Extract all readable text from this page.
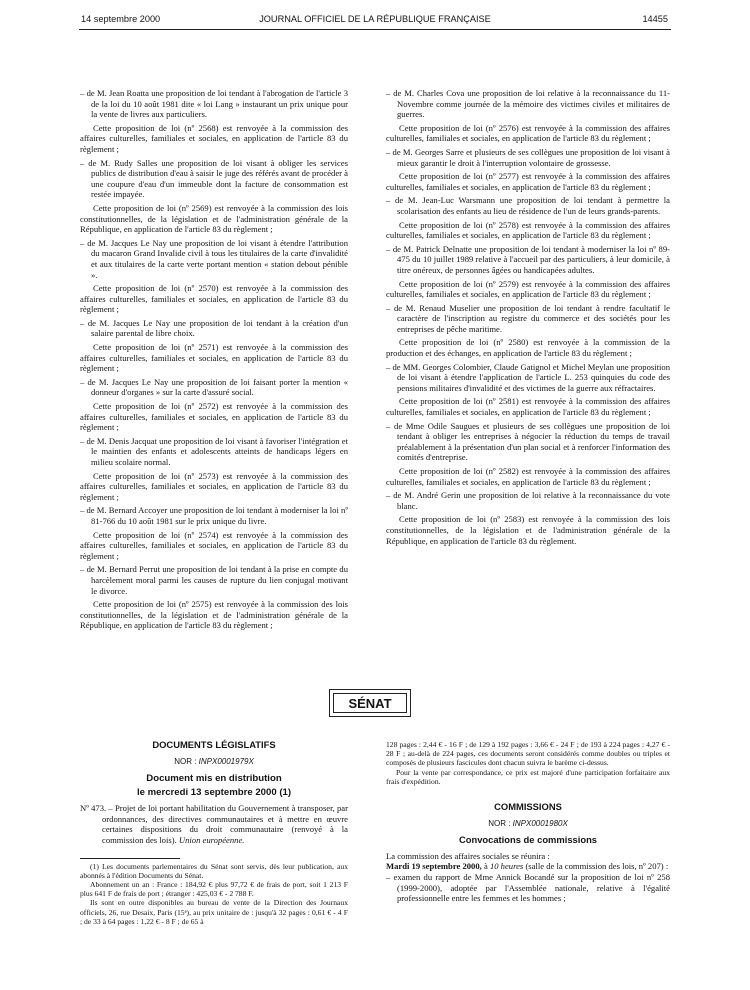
14 septembre 2000	JOURNAL OFFICIEL DE LA RÉPUBLIQUE FRANÇAISE	14455

– de M. Jean Roatta une proposition de loi tendant à l'abrogation de l'article 3 de la loi du 10 août 1981 dite « loi Lang » instaurant un prix unique pour la vente de livres aux particuliers.

Cette proposition de loi (nº 2568) est renvoyée à la commission des affaires culturelles, familiales et sociales, en application de l'article 83 du règlement ;

– de M. Rudy Salles une proposition de loi visant à obliger les services publics de distribution d'eau à saisir le juge des référés avant de procéder à une coupure d'eau d'un immeuble dont la facture de consommation est restée impayée.

Cette proposition de loi (nº 2569) est renvoyée à la commission des lois constitutionnelles, de la législation et de l'administration générale de la République, en application de l'article 83 du règlement ;

– de M. Jacques Le Nay une proposition de loi visant à étendre l'attribution du macaron Grand Invalide civil à tous les titulaires de la carte d'invalidité et aux titulaires de la carte verte portant mention « station debout pénible ».

Cette proposition de loi (nº 2570) est renvoyée à la commission des affaires culturelles, familiales et sociales, en application de l'article 83 du règlement ;

– de M. Jacques Le Nay une proposition de loi tendant à la création d'un salaire parental de libre choix.

Cette proposition de loi (nº 2571) est renvoyée à la commission des affaires culturelles, familiales et sociales, en application de l'article 83 du règlement ;

– de M. Jacques Le Nay une proposition de loi faisant porter la mention « donneur d'organes » sur la carte d'assuré social.

Cette proposition de loi (nº 2572) est renvoyée à la commission des affaires culturelles, familiales et sociales, en application de l'article 83 du règlement ;

– de M. Denis Jacquat une proposition de loi visant à favoriser l'intégration et le maintien des enfants et adolescents atteints de handicaps légers en milieu scolaire normal.

Cette proposition de loi (nº 2573) est renvoyée à la commission des affaires culturelles, familiales et sociales, en application de l'article 83 du règlement ;

– de M. Bernard Accoyer une proposition de loi tendant à moderniser la loi nº 81-766 du 10 août 1981 sur le prix unique du livre.

Cette proposition de loi (nº 2574) est renvoyée à la commission des affaires culturelles, familiales et sociales, en application de l'article 83 du règlement ;

– de M. Bernard Perrut une proposition de loi tendant à la prise en compte du harcèlement moral parmi les causes de rupture du lien conjugal motivant le divorce.

Cette proposition de loi (nº 2575) est renvoyée à la commission des lois constitutionnelles, de la législation et de l'administration générale de la République, en application de l'article 83 du règlement ;

– de M. Charles Cova une proposition de loi relative à la reconnaissance du 11-Novembre comme journée de la mémoire des victimes civiles et militaires de guerres.

Cette proposition de loi (nº 2576) est renvoyée à la commission des affaires culturelles, familiales et sociales, en application de l'article 83 du règlement ;

– de M. Georges Sarre et plusieurs de ses collègues une proposition de loi visant à mieux garantir le droit à l'interruption volontaire de grossesse.

Cette proposition de loi (nº 2577) est renvoyée à la commission des affaires culturelles, familiales et sociales, en application de l'article 83 du règlement ;

– de M. Jean-Luc Warsmann une proposition de loi tendant à permettre la scolarisation des enfants au lieu de résidence de l'un de leurs grands-parents.

Cette proposition de loi (nº 2578) est renvoyée à la commission des affaires culturelles, familiales et sociales, en application de l'article 83 du règlement ;

– de M. Patrick Delnatte une proposition de loi tendant à moderniser la loi nº 89-475 du 10 juillet 1989 relative à l'accueil par des particuliers, à leur domicile, à titre onéreux, de personnes âgées ou handicapées adultes.

Cette proposition de loi (nº 2579) est renvoyée à la commission des affaires culturelles, familiales et sociales, en application de l'article 83 du règlement ;

– de M. Renaud Muselier une proposition de loi tendant à rendre facultatif le caractère de l'inscription au registre du commerce et des sociétés pour les entreprises de pêche maritime.

Cette proposition de loi (nº 2580) est renvoyée à la commission de la production et des échanges, en application de l'article 83 du règlement ;

– de MM. Georges Colombier, Claude Gatignol et Michel Meylan une proposition de loi visant à étendre l'application de l'article L. 253 quinquies du code des pensions militaires d'invalidité et des victimes de la guerre aux réfractaires.

Cette proposition de loi (nº 2581) est renvoyée à la commission des affaires culturelles, familiales et sociales, en application de l'article 83 du règlement ;

– de Mme Odile Saugues et plusieurs de ses collègues une proposition de loi tendant à obliger les entreprises à négocier la réduction du temps de travail préalablement à la présentation d'un plan social et à renforcer l'information des comités d'entreprise.

Cette proposition de loi (nº 2582) est renvoyée à la commission des affaires culturelles, familiales et sociales, en application de l'article 83 du règlement ;

– de M. André Gerin une proposition de loi relative à la reconnaissance du vote blanc.

Cette proposition de loi (nº 2583) est renvoyée à la commission des lois constitutionnelles, de la législation et de l'administration générale de la République, en application de l'article 83 du règlement.

SÉNAT

DOCUMENTS LÉGISLATIFS

NOR : INPX0001979X

Document mis en distribution

le mercredi 13 septembre 2000 (1)

Nº 473. – Projet de loi portant habilitation du Gouvernement à transposer, par ordonnances, des directives communautaires et à mettre en œuvre certaines dispositions du droit communautaire (renvoyé à la commission des lois). Union européenne.

(1) Les documents parlementaires du Sénat sont servis, dès leur publication, aux abonnés à l'édition Documents du Sénat.

Abonnement un an : France : 184,92 € plus 97,72 € de frais de port, soit 1 213 F plus 641 F de frais de port ; étranger : 425,03 € - 2 788 F.

Ils sont en outre disponibles au bureau de vente de la Direction des Journaux officiels, 26, rue Desaix, Paris (15ᵉ), au prix unitaire de : jusqu'à 32 pages : 0,61 € - 4 F ; de 33 à 64 pages : 1,22 € - 8 F ; de 65 à

128 pages : 2,44 € - 16 F ; de 129 à 192 pages : 3,66 € - 24 F ; de 193 à 224 pages : 4,27 € - 28 F ; au-delà de 224 pages, ces documents seront considérés comme doubles ou triples et composés de plusieurs fascicules dont chacun suivra le barème ci-dessus.

Pour la vente par correspondance, ce prix est majoré d'une participation forfaitaire aux frais d'expédition.

COMMISSIONS

NOR : INPX0001980X

Convocations de commissions

La commission des affaires sociales se réunira :

Mardi 19 septembre 2000, à 10 heures (salle de la commission des lois, nº 207) :

– examen du rapport de Mme Annick Bocandé sur la proposition de loi nº 258 (1999-2000), adoptée par l'Assemblée nationale, relative à l'égalité professionnelle entre les femmes et les hommes ;
